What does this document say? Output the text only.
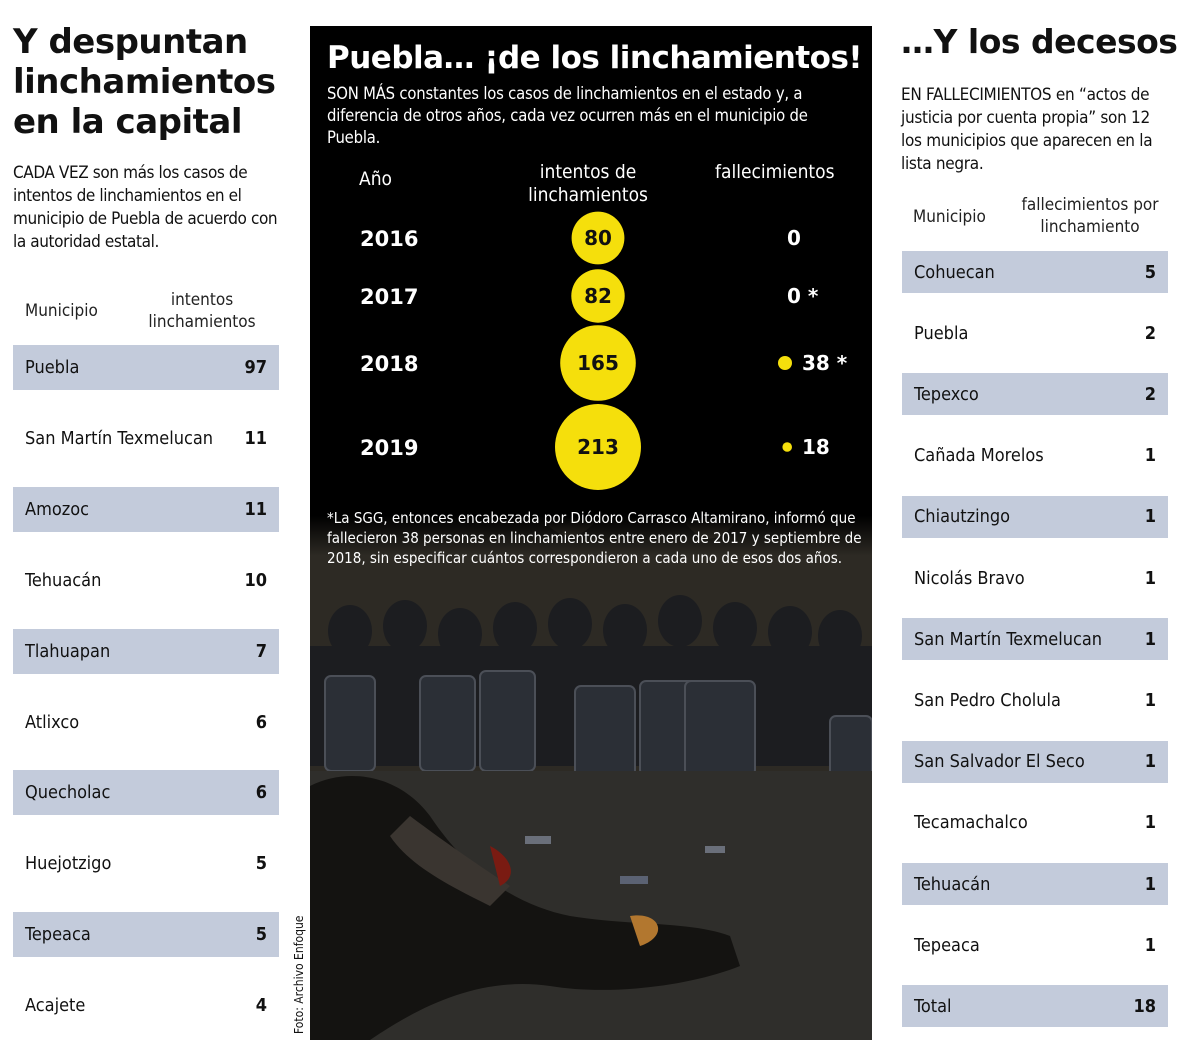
Y despuntan linchamientos en la capital

CADA VEZ son más los casos de intentos de linchamientos en el municipio de Puebla de acuerdo con la autoridad estatal.

Municipio
intentos linchamientos
Puebla	97
San Martín Texmelucan 11
Amozoc	11
Tehuacán	10
Tlahuapan	7
Atlixco	6
Quecholac	6
Huejotzigo	5
Tepeaca	5
Acajete	4
Puebla… ¡de los linchamientos!

SON MÁS constantes los casos de linchamientos en el estado y, a diferencia de otros años, cada vez ocurren más en el municipio de Puebla.

Año	intentos de linchamientos
fallecimientos
2016	80	0
2017	82	0 *
2018	165	38 *
2019	213	18

*La SGG, entonces encabezada por Diódoro Carrasco Altamirano, informó que fallecieron 38 personas en linchamientos entre enero de 2017 y septiembre de 2018, sin especificar cuántos correspondieron a cada uno de esos dos años.

Foto: Archivo Enfoque
…Y los decesos

EN FALLECIMIENTOS en “actos de justicia por cuenta propia” son 12 los municipios que aparecen en la lista negra.

Municipio
fallecimientos por linchamiento
Cohuecan	5
Puebla	2
Tepexco	2
Cañada Morelos	1
Chiautzingo	1
Nicolás Bravo	1
San Martín Texmelucan 1
San Pedro Cholula	1
San Salvador El Seco	1
Tecamachalco	1
Tehuacán	1
Tepeaca	1
Total	18
